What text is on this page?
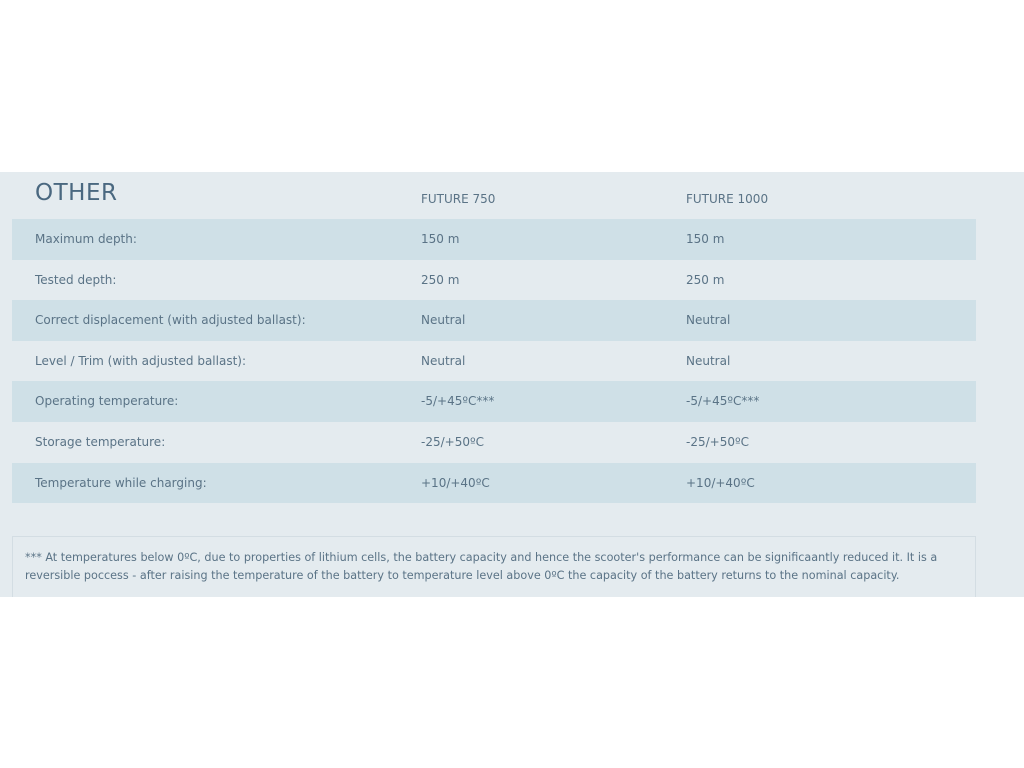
OTHER	FUTURE 750	FUTURE 1000
Maximum depth:	150 m	150 m
Tested depth:	250 m	250 m
Correct displacement (with adjusted ballast):	Neutral	Neutral
Level / Trim (with adjusted ballast):	Neutral	Neutral
Operating temperature:	-5/+45ºC***	-5/+45ºC***
Storage temperature:	-25/+50ºC	-25/+50ºC
Temperature while charging:	+10/+40ºC	+10/+40ºC
*** At temperatures below 0ºC, due to properties of lithium cells, the battery capacity and hence the scooter's performance can be significaantly reduced it. It is a reversible poccess - after raising the temperature of the battery to temperature level above 0ºC the capacity of the battery returns to the nominal capacity.
